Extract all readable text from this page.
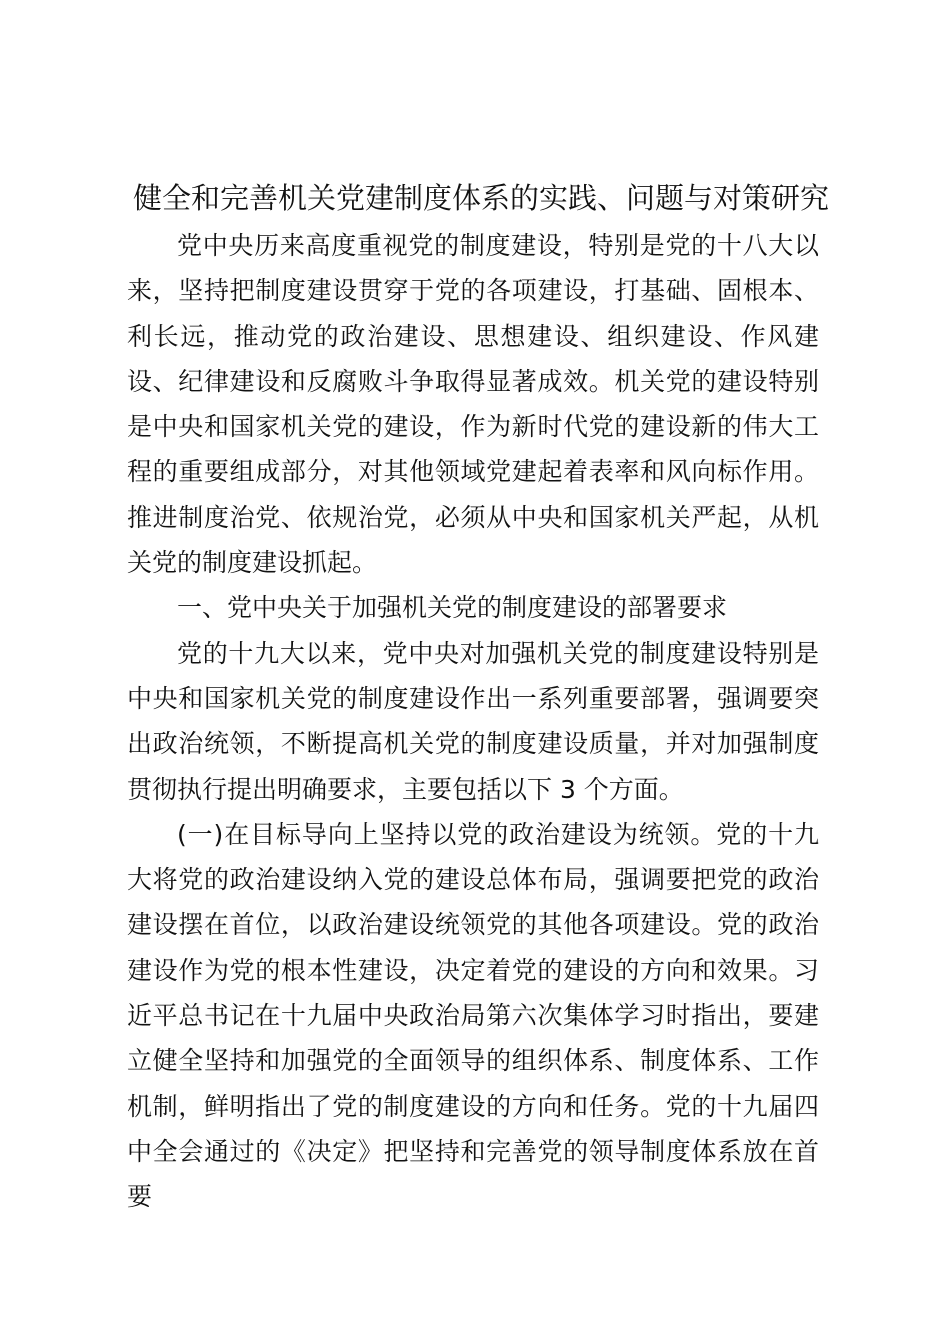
健全和完善机关党建制度体系的实践、问题与对策研究

党中央历来高度重视党的制度建设，特别是党的十八大以来，坚持把制度建设贯穿于党的各项建设，打基础、固根本、利长远，推动党的政治建设、思想建设、组织建设、作风建设、纪律建设和反腐败斗争取得显著成效。机关党的建设特别是中央和国家机关党的建设，作为新时代党的建设新的伟大工程的重要组成部分，对其他领域党建起着表率和风向标作用。推进制度治党、依规治党，必须从中央和国家机关严起，从机关党的制度建设抓起。

一、党中央关于加强机关党的制度建设的部署要求

党的十九大以来，党中央对加强机关党的制度建设特别是中央和国家机关党的制度建设作出一系列重要部署，强调要突出政治统领，不断提高机关党的制度建设质量，并对加强制度贯彻执行提出明确要求，主要包括以下 3 个方面。

(一)在目标导向上坚持以党的政治建设为统领。党的十九大将党的政治建设纳入党的建设总体布局，强调要把党的政治建设摆在首位，以政治建设统领党的其他各项建设。党的政治建设作为党的根本性建设，决定着党的建设的方向和效果。习近平总书记在十九届中央政治局第六次集体学习时指出，要建立健全坚持和加强党的全面领导的组织体系、制度体系、工作机制，鲜明指出了党的制度建设的方向和任务。党的十九届四中全会通过的《决定》把坚持和完善党的领导制度体系放在首要
